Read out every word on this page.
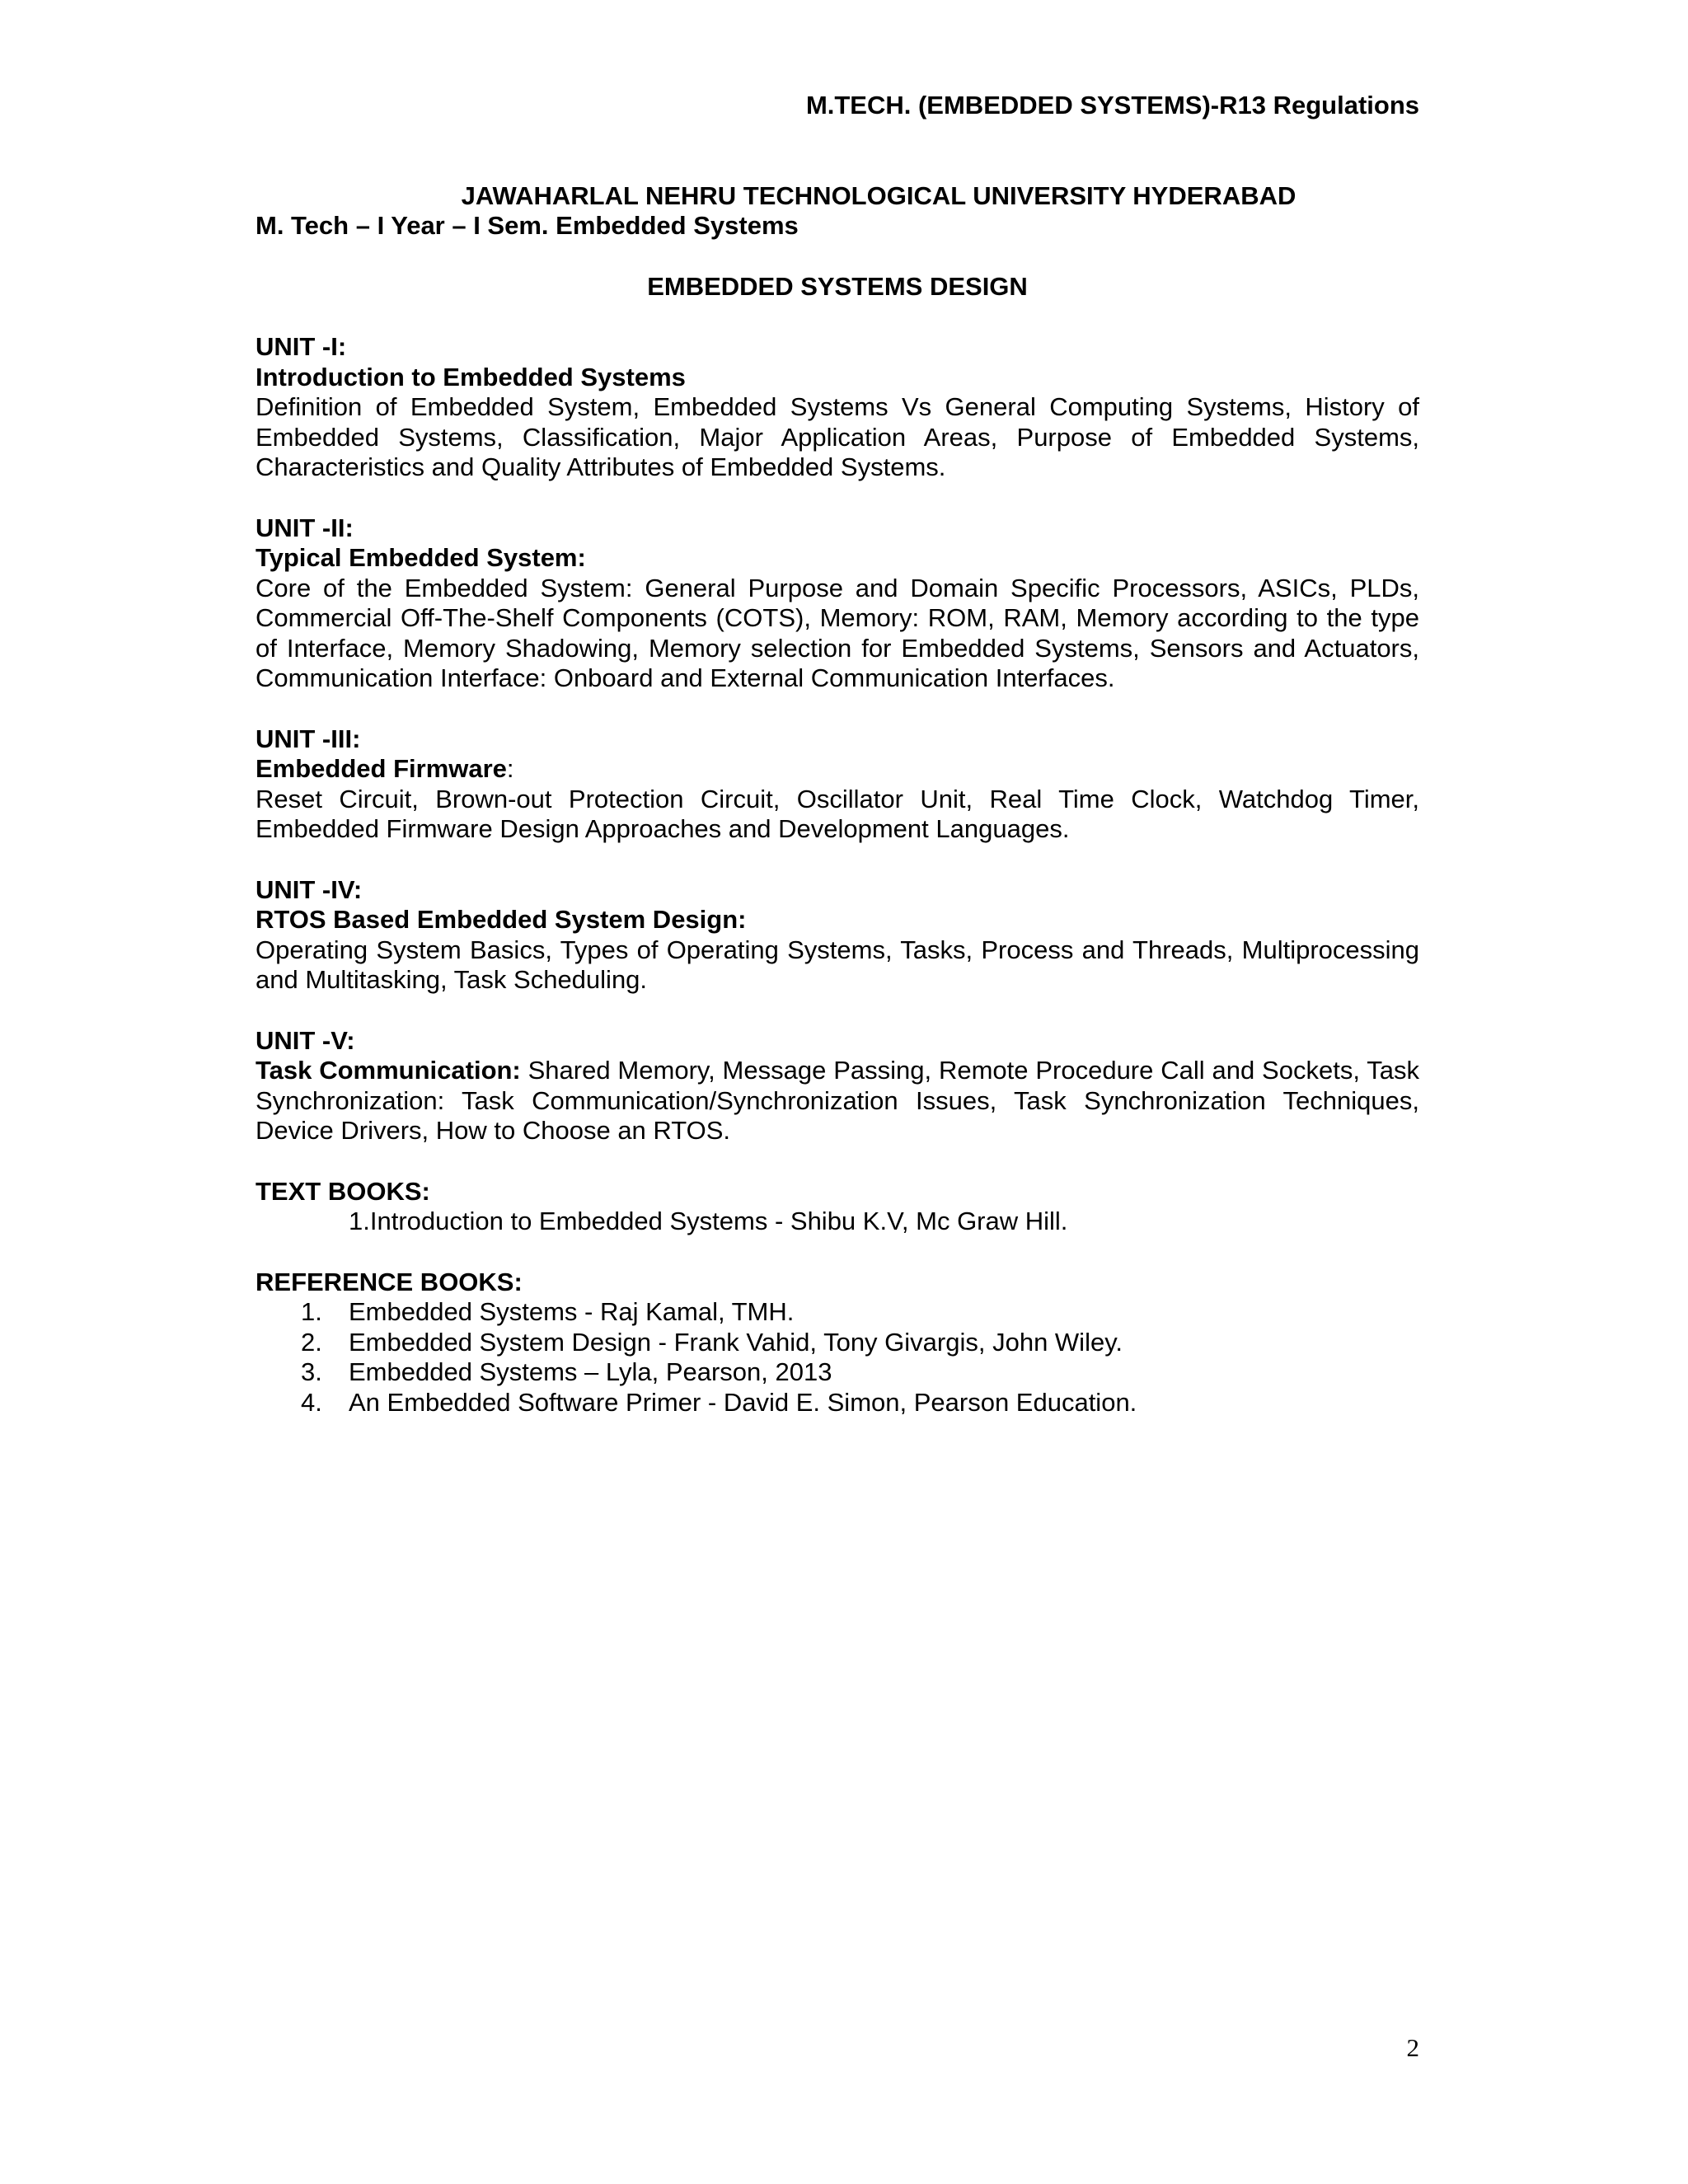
M.TECH. (EMBEDDED SYSTEMS)-R13 Regulations
JAWAHARLAL NEHRU TECHNOLOGICAL UNIVERSITY HYDERABAD
M. Tech – I Year – I Sem. Embedded Systems
EMBEDDED SYSTEMS DESIGN
UNIT -I:
Introduction to Embedded Systems
Definition of Embedded System, Embedded Systems Vs General Computing Systems, History of Embedded Systems, Classification, Major Application Areas, Purpose of Embedded Systems, Characteristics and Quality Attributes of Embedded Systems.
UNIT -II:
Typical Embedded System:
Core of the Embedded System: General Purpose and Domain Specific Processors, ASICs, PLDs, Commercial Off-The-Shelf Components (COTS), Memory: ROM, RAM, Memory according to the type of Interface, Memory Shadowing, Memory selection for Embedded Systems, Sensors and Actuators, Communication Interface: Onboard and External Communication Interfaces.
UNIT -III:
Embedded Firmware:
Reset Circuit, Brown-out Protection Circuit, Oscillator Unit, Real Time Clock, Watchdog Timer, Embedded Firmware Design Approaches and Development Languages.
UNIT -IV:
RTOS Based Embedded System Design:
Operating System Basics, Types of Operating Systems, Tasks, Process and Threads, Multiprocessing and Multitasking, Task Scheduling.
UNIT -V:
Task Communication: Shared Memory, Message Passing, Remote Procedure Call and Sockets, Task Synchronization: Task Communication/Synchronization Issues, Task Synchronization Techniques, Device Drivers, How to Choose an RTOS.
TEXT BOOKS:
1.Introduction to Embedded Systems - Shibu K.V, Mc Graw Hill.
REFERENCE BOOKS:
1. Embedded Systems - Raj Kamal, TMH.
2. Embedded System Design - Frank Vahid, Tony Givargis, John Wiley.
3. Embedded Systems – Lyla, Pearson, 2013
4. An Embedded Software Primer - David E. Simon, Pearson Education.
2
